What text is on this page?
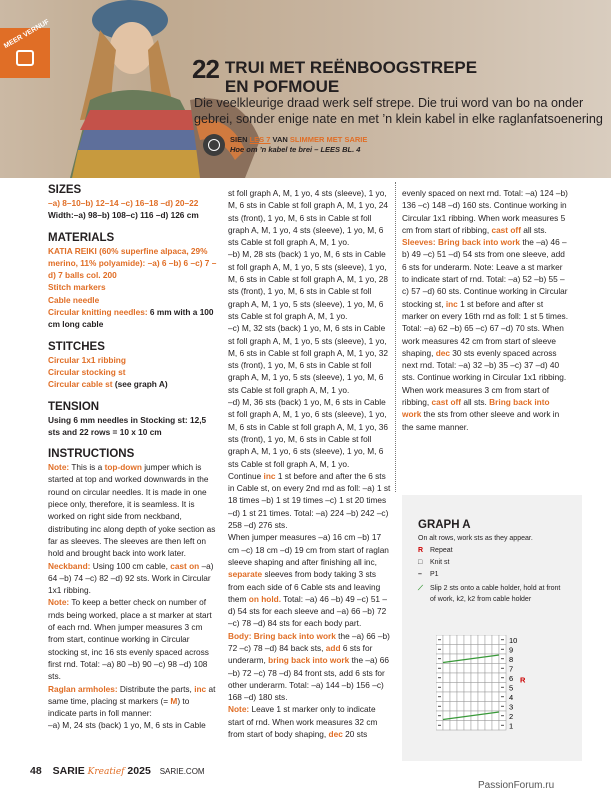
MEER VERNUF
22 TRUI MET REËNBOOGSTREPE
EN POFMOUE
Die veelkleurige draad werk self strepe. Die trui word van bo na onder gebrei, sonder enige nate en met ’n klein kabel in elke raglanfatsoenering
SIEN LES 7 VAN SLIMMER MET SARIE
Hoe om ’n kabel te brei – LEES BL. 4
SIZES

–a) 8–10–b) 12–14 –c) 16–18 –d) 20–22

Width:–a) 98–b) 108–c) 116 –d) 126 cm

MATERIALS

KATIA REIKI (60% superfine alpaca, 29% merino, 11% polyamide): –a) 6 –b) 6 –c) 7 –d) 7 balls col. 200

Stitch markers

Cable needle

Circular knitting needles: 6 mm with a 100 cm long cable

STITCHES

Circular 1x1 ribbing

Circular stocking st

Circular cable st (see graph A)

TENSION

Using 6 mm needles in Stocking st: 12,5 sts and 22 rows = 10 x 10 cm

INSTRUCTIONS

Note: This is a top-down jumper which is started at top and worked downwards in the round on circular needles. It is made in one piece only, therefore, it is seamless. It is worked on right side from neckband, distributing inc along depth of yoke section as far as sleeves. The sleeves are then left on hold and brought back into work later.

Neckband: Using 100 cm cable, cast on –a) 64 –b) 74 –c) 82 –d) 92 sts. Work in Circular 1x1 ribbing.

Note: To keep a better check on number of rnds being worked, place a st marker at start of each rnd. When jumper measures 3 cm from start, continue working in Circular stocking st, inc 16 sts evenly spaced across first rnd. Total: –a) 80 –b) 90 –c) 98 –d) 108 sts.

Raglan armholes: Distribute the parts, inc at same time, placing st markers (= M) to indicate parts in foll manner:

–a) M, 24 sts (back) 1 yo, M, 6 sts in Cable

st foll graph A, M, 1 yo, 4 sts (sleeve), 1 yo, M, 6 sts in Cable st foll graph A, M, 1 yo, 24 sts (front), 1 yo, M, 6 sts in Cable st foll graph A, M, 1 yo, 4 sts (sleeve), 1 yo, M, 6 sts Cable st foll graph A, M, 1 yo.

–b) M, 28 sts (back) 1 yo, M, 6 sts in Cable st foll graph A, M, 1 yo, 5 sts (sleeve), 1 yo, M, 6 sts in Cable st foll graph A, M, 1 yo, 28 sts (front), 1 yo, M, 6 sts in Cable st foll graph A, M, 1 yo, 5 sts (sleeve), 1 yo, M, 6 sts Cable st fol graph A, M, 1 yo.

–c) M, 32 sts (back) 1 yo, M, 6 sts in Cable st foll graph A, M, 1 yo, 5 sts (sleeve), 1 yo, M, 6 sts in Cable st foll graph A, M, 1 yo, 32 sts (front), 1 yo, M, 6 sts in Cable st foll graph A, M, 1 yo, 5 sts (sleeve), 1 yo, M, 6 sts Cable st foll graph A, M, 1 yo.

–d) M, 36 sts (back) 1 yo, M, 6 sts in Cable st foll graph A, M, 1 yo, 6 sts (sleeve), 1 yo, M, 6 sts in Cable st foll graph A, M, 1 yo, 36 sts (front), 1 yo, M, 6 sts in Cable st foll graph A, M, 1 yo, 6 sts (sleeve), 1 yo, M, 6 sts Cable st foll graph A, M, 1 yo.

Continue inc 1 st before and after the 6 sts in Cable st, on every 2nd rnd as foll: –a) 1 st 18 times –b) 1 st 19 times –c) 1 st 20 times –d) 1 st 21 times. Total: –a) 224 –b) 242 –c) 258 –d) 276 sts.

When jumper measures –a) 16 cm –b) 17 cm –c) 18 cm –d) 19 cm from start of raglan sleeve shaping and after finishing all inc, separate sleeves from body taking 3 sts from each side of 6 Cable sts and leaving them on hold. Total: –a) 46 –b) 49 –c) 51 –d) 54 sts for each sleeve and –a) 66 –b) 72 –c) 78 –d) 84 sts for each body part.

Body: Bring back into work the –a) 66 –b) 72 –c) 78 –d) 84 back sts, add 6 sts for underarm, bring back into work the –a) 66 –b) 72 –c) 78 –d) 84 front sts, add 6 sts for other underarm. Total: –a) 144 –b) 156 –c) 168 –d) 180 sts.

Note: Leave 1 st marker only to indicate start of rnd. When work measures 32 cm from start of body shaping, dec 20 sts

evenly spaced on next rnd. Total: –a) 124 –b) 136 –c) 148 –d) 160 sts. Continue working in Circular 1x1 ribbing. When work measures 5 cm from start of ribbing, cast off all sts.

Sleeves: Bring back into work the –a) 46 –b) 49 –c) 51 –d) 54 sts from one sleeve, add 6 sts for underarm. Note: Leave a st marker to indicate start of rnd. Total: –a) 52 –b) 55 –c) 57 –d) 60 sts. Continue working in Circular stocking st, inc 1 st before and after st marker on every 16th rnd as foll: 1 st 5 times. Total: –a) 62 –b) 65 –c) 67 –d) 70 sts. When work measures 42 cm from start of sleeve shaping, dec 30 sts evenly spaced across next rnd. Total: –a) 32 –b) 35 –c) 37 –d) 40 sts. Continue working in Circular 1x1 ribbing. When work measures 3 cm from start of ribbing, cast off all sts. Bring back into work the sts from other sleeve and work in the same manner.

GRAPH A
On alt rows, work sts as they appear.
R Repeat
□ Knit st
– P1
⟋	Slip 2 sts onto a cable holder, hold at front of work, k2, k2 from cable holder
10
9
8
7
6
5
4
3
2
1
R
48 SARIE Kreatief 2025 SARIE.COM
PassionForum.ru
